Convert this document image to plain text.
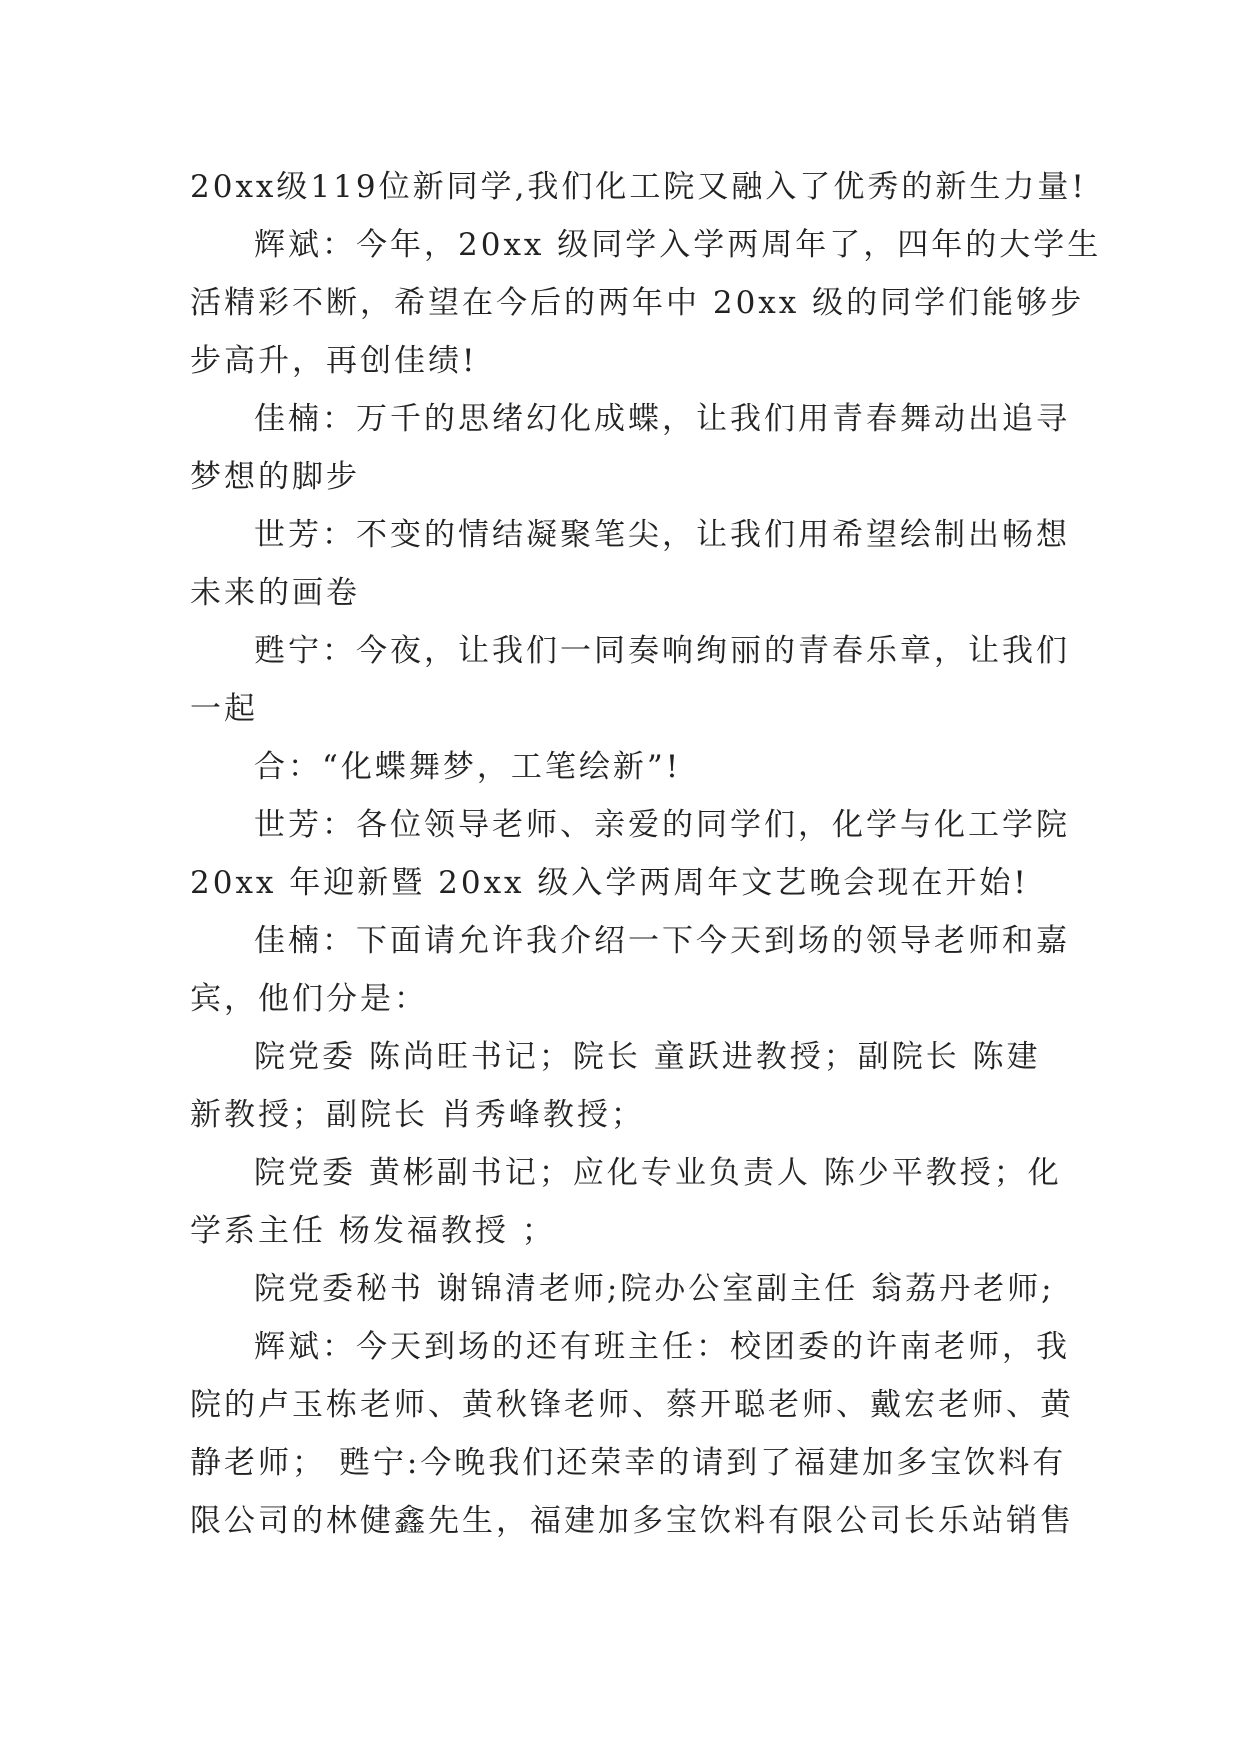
20xx级119位新同学,我们化工院又融入了优秀的新生力量!
辉斌：今年，20xx 级同学入学两周年了，四年的大学生
活精彩不断，希望在今后的两年中 20xx 级的同学们能够步
步高升，再创佳绩!
佳楠：万千的思绪幻化成蝶，让我们用青春舞动出追寻
梦想的脚步
世芳：不变的情结凝聚笔尖，让我们用希望绘制出畅想
未来的画卷
甦宁：今夜，让我们一同奏响绚丽的青春乐章，让我们
一起
合：“化蝶舞梦，工笔绘新”!
世芳：各位领导老师、亲爱的同学们，化学与化工学院
20xx 年迎新暨 20xx 级入学两周年文艺晚会现在开始!
佳楠：下面请允许我介绍一下今天到场的领导老师和嘉
宾，他们分是：
院党委 陈尚旺书记；院长 童跃进教授；副院长 陈建
新教授；副院长 肖秀峰教授；
院党委 黄彬副书记；应化专业负责人 陈少平教授；化
学系主任 杨发福教授 ；
院党委秘书 谢锦清老师;院办公室副主任 翁荔丹老师;
辉斌：今天到场的还有班主任：校团委的许南老师，我
院的卢玉栋老师、黄秋锋老师、蔡开聪老师、戴宏老师、黄
静老师； 甦宁:今晚我们还荣幸的请到了福建加多宝饮料有
限公司的林健鑫先生，福建加多宝饮料有限公司长乐站销售
